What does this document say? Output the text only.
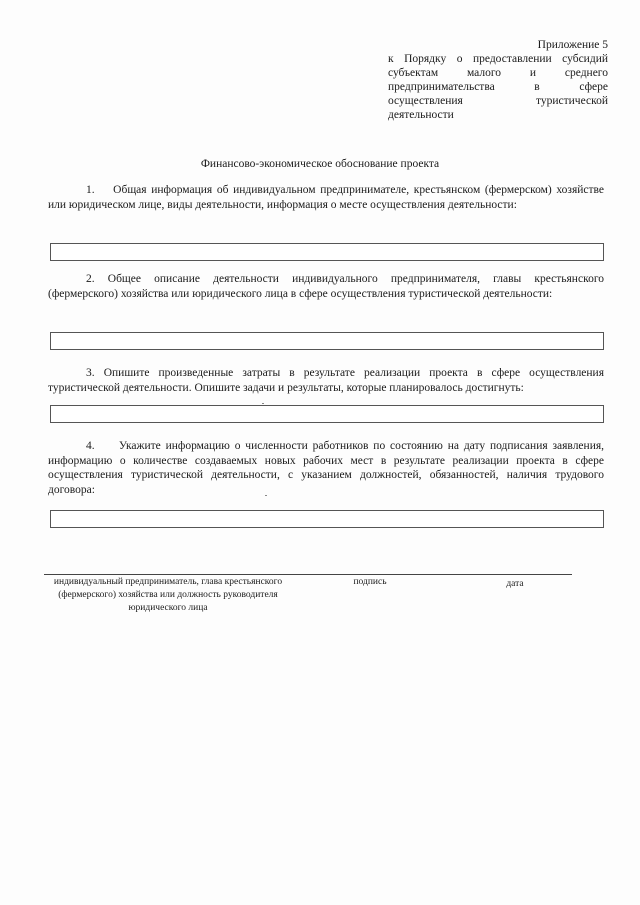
Приложение 5
к Порядку о предоставлении субсидий
субъектам малого и среднего
предпринимательства в сфере
осуществления туристической
деятельности
Финансово-экономическое обоснование проекта
1. Общая информация об индивидуальном предпринимателе, крестьянском (фермерском) хозяйстве или юридическом лице, виды деятельности, информация о месте осуществления деятельности:
2. Общее описание деятельности индивидуального предпринимателя, главы крестьянского (фермерского) хозяйства или юридического лица в сфере осуществления туристической деятельности:
3. Опишите произведенные затраты в результате реализации проекта в сфере осуществления туристической деятельности. Опишите задачи и результаты, которые планировалось достигнуть:
4. Укажите информацию о численности работников по состоянию на дату подписания заявления, информацию о количестве создаваемых новых рабочих мест в результате реализации проекта в сфере осуществления туристической деятельности, с указанием должностей, обязанностей, наличия трудового договора:
индивидуальный предприниматель, глава крестьянского (фермерского) хозяйства или должность руководителя юридического лица
подпись	дата
